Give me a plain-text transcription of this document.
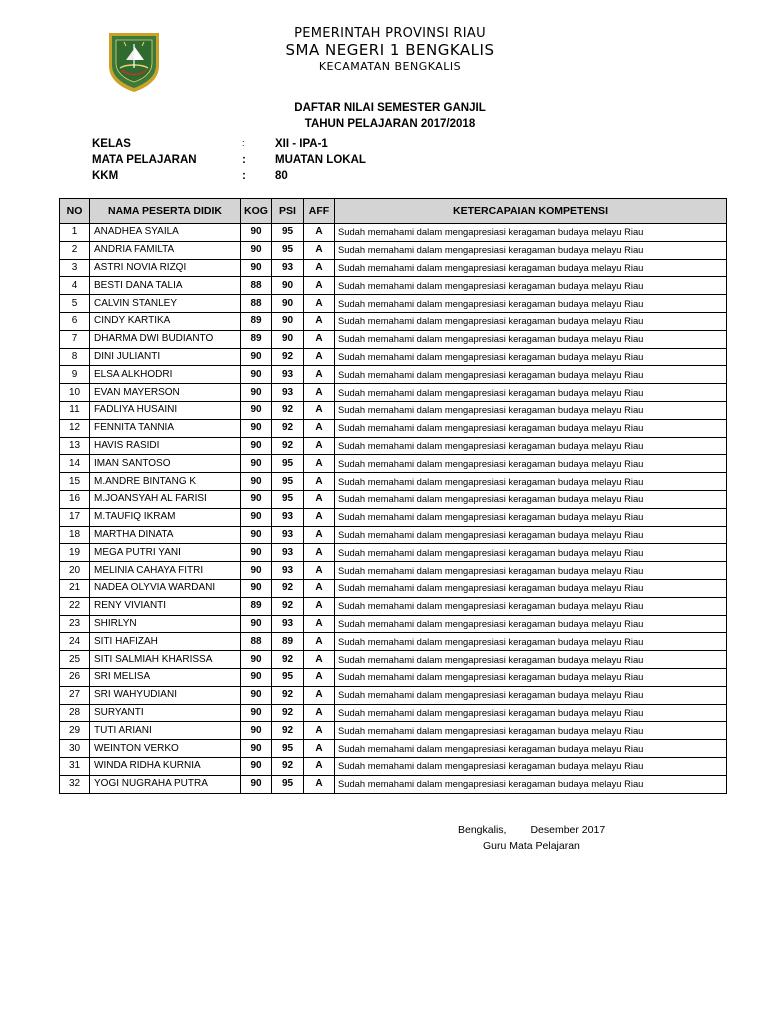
PEMERINTAH PROVINSI RIAU
SMA NEGERI 1 BENGKALIS
KECAMATAN BENGKALIS
DAFTAR NILAI SEMESTER GANJIL
TAHUN PELAJARAN 2017/2018
KELAS	:	XII - IPA-1
MATA PELAJARAN	:	MUATAN LOKAL
KKM	:	80
NO	NAMA PESERTA DIDIK	KOG	PSI	AFF	KETERCAPAIAN KOMPETENSI
1	ANADHEA SYAILA	90	95	A	Sudah memahami dalam mengapresiasi keragaman budaya melayu Riau
2	ANDRIA FAMILTA	90	95	A	Sudah memahami dalam mengapresiasi keragaman budaya melayu Riau
3	ASTRI NOVIA RIZQI	90	93	A	Sudah memahami dalam mengapresiasi keragaman budaya melayu Riau
4	BESTI DANA TALIA	88	90	A	Sudah memahami dalam mengapresiasi keragaman budaya melayu Riau
5	CALVIN STANLEY	88	90	A	Sudah memahami dalam mengapresiasi keragaman budaya melayu Riau
6	CINDY KARTIKA	89	90	A	Sudah memahami dalam mengapresiasi keragaman budaya melayu Riau
7	DHARMA DWI BUDIANTO	89	90	A	Sudah memahami dalam mengapresiasi keragaman budaya melayu Riau
8	DINI JULIANTI	90	92	A	Sudah memahami dalam mengapresiasi keragaman budaya melayu Riau
9	ELSA ALKHODRI	90	93	A	Sudah memahami dalam mengapresiasi keragaman budaya melayu Riau
10	EVAN MAYERSON	90	93	A	Sudah memahami dalam mengapresiasi keragaman budaya melayu Riau
11	FADLIYA HUSAINI	90	92	A	Sudah memahami dalam mengapresiasi keragaman budaya melayu Riau
12	FENNITA TANNIA	90	92	A	Sudah memahami dalam mengapresiasi keragaman budaya melayu Riau
13	HAVIS RASIDI	90	92	A	Sudah memahami dalam mengapresiasi keragaman budaya melayu Riau
14	IMAN SANTOSO	90	95	A	Sudah memahami dalam mengapresiasi keragaman budaya melayu Riau
15	M.ANDRE BINTANG K	90	95	A	Sudah memahami dalam mengapresiasi keragaman budaya melayu Riau
16	M.JOANSYAH AL FARISI	90	95	A	Sudah memahami dalam mengapresiasi keragaman budaya melayu Riau
17	M.TAUFIQ IKRAM	90	93	A	Sudah memahami dalam mengapresiasi keragaman budaya melayu Riau
18	MARTHA DINATA	90	93	A	Sudah memahami dalam mengapresiasi keragaman budaya melayu Riau
19	MEGA PUTRI YANI	90	93	A	Sudah memahami dalam mengapresiasi keragaman budaya melayu Riau
20	MELINIA CAHAYA FITRI	90	93	A	Sudah memahami dalam mengapresiasi keragaman budaya melayu Riau
21	NADEA OLYVIA WARDANI	90	92	A	Sudah memahami dalam mengapresiasi keragaman budaya melayu Riau
22	RENY VIVIANTI	89	92	A	Sudah memahami dalam mengapresiasi keragaman budaya melayu Riau
23	SHIRLYN	90	93	A	Sudah memahami dalam mengapresiasi keragaman budaya melayu Riau
24	SITI HAFIZAH	88	89	A	Sudah memahami dalam mengapresiasi keragaman budaya melayu Riau
25	SITI SALMIAH KHARISSA	90	92	A	Sudah memahami dalam mengapresiasi keragaman budaya melayu Riau
26	SRI MELISA	90	95	A	Sudah memahami dalam mengapresiasi keragaman budaya melayu Riau
27	SRI WAHYUDIANI	90	92	A	Sudah memahami dalam mengapresiasi keragaman budaya melayu Riau
28	SURYANTI	90	92	A	Sudah memahami dalam mengapresiasi keragaman budaya melayu Riau
29	TUTI ARIANI	90	92	A	Sudah memahami dalam mengapresiasi keragaman budaya melayu Riau
30	WEINTON VERKO	90	95	A	Sudah memahami dalam mengapresiasi keragaman budaya melayu Riau
31	WINDA RIDHA KURNIA	90	92	A	Sudah memahami dalam mengapresiasi keragaman budaya melayu Riau
32	YOGI NUGRAHA PUTRA	90	95	A	Sudah memahami dalam mengapresiasi keragaman budaya melayu Riau
Bengkalis, Desember 2017
Guru Mata Pelajaran
